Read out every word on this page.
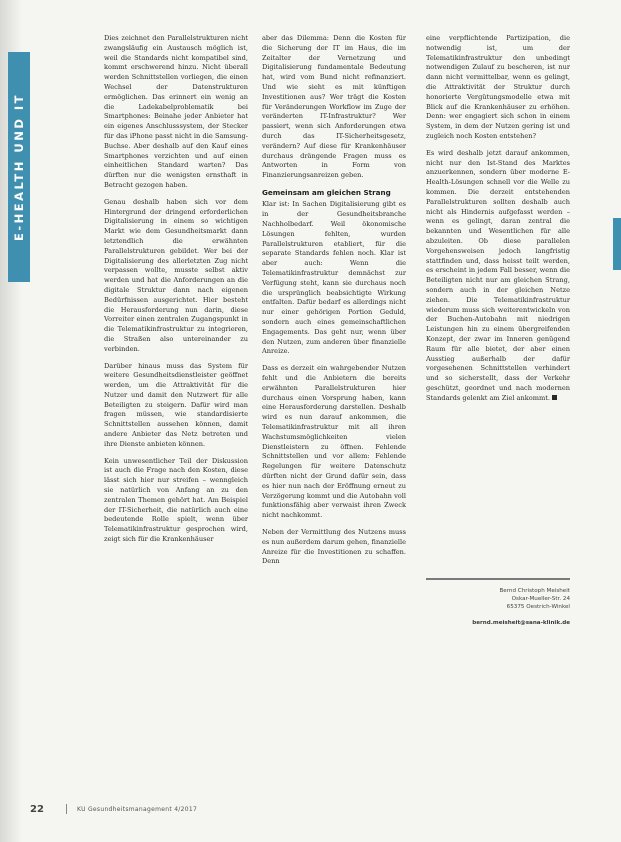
E-HEALTH UND IT

Dies zeichnet den Parallelstrukturen nicht zwangsläufig ein Austausch möglich ist, weil die Standards nicht kompatibel sind, kommt erschwerend hinzu. Nicht überall werden Schnittstellen vorliegen, die einen Wechsel der Datenstrukturen ermöglichen. Das erinnert ein wenig an die Ladekabelproblematik bei Smartphones: Beinahe jeder Anbieter hat ein eigenes Anschlusssystem, der Stecker für das iPhone passt nicht in die Samsung-Buchse. Aber deshalb auf den Kauf eines Smartphones verzichten und auf einen einheitlichen Standard warten? Das dürften nur die wenigsten ernsthaft in Betracht gezogen haben.

Genau deshalb haben sich vor dem Hintergrund der dringend erforderlichen Digitalisierung in einem so wichtigen Markt wie dem Gesundheitsmarkt dann letztendlich die erwähnten Parallelstrukturen gebildet. Wer bei der Digitalisierung des allerletzten Zug nicht verpassen wollte, musste selbst aktiv werden und hat die Anforderungen an die digitale Struktur dann nach eigenen Bedürfnissen ausgerichtet. Hier besteht die Herausforderung nun darin, diese Vorreiter einen zentralen Zugangspunkt in die Telematikinfrastruktur zu integrieren, die Straßen also untereinander zu verbinden.

Darüber hinaus muss das System für weitere Gesundheitsdienstleister geöffnet werden, um die Attraktivität für die Nutzer und damit den Nutzwert für alle Beteiligten zu steigern. Dafür wird man fragen müssen, wie standardisierte Schnittstellen aussehen können, damit andere Anbieter das Netz betreten und ihre Dienste anbieten können.

Kein unwesentlicher Teil der Diskussion ist auch die Frage nach den Kosten, diese lässt sich hier nur streifen – wenngleich sie natürlich von Anfang an zu den zentralen Themen gehört hat. Am Beispiel der IT-Sicherheit, die natürlich auch eine bedeutende Rolle spielt, wenn über Telematikinfrastruktur gesprochen wird, zeigt sich für die Krankenhäuser

aber das Dilemma: Denn die Kosten für die Sicherung der IT im Haus, die im Zeitalter der Vernetzung und Digitalisierung fundamentale Bedeutung hat, wird vom Bund nicht refinanziert. Und wie sieht es mit künftigen Investitionen aus? Wer trägt die Kosten für Veränderungen Workflow im Zuge der veränderten IT-Infrastruktur? Wer passiert, wenn sich Anforderungen etwa durch das IT-Sicherheitsgesetz, verändern? Auf diese für Krankenhäuser durchaus drängende Fragen muss es Antworten in Form von Finanzierungsanreizen geben.

Gemeinsam am gleichen Strang

Klar ist: In Sachen Digitalisierung gibt es in der Gesundheitsbranche Nachholbedarf. Weil ökonomische Lösungen fehlten, wurden Parallelstrukturen etabliert, für die separate Standards fehlen noch. Klar ist aber auch: Wenn die Telematikinfrastruktur demnächst zur Verfügung steht, kann sie durchaus noch die ursprünglich beabsichtigte Wirkung entfalten. Dafür bedarf es allerdings nicht nur einer gehörigen Portion Geduld, sondern auch eines gemeinschaftlichen Engagements. Das geht nur, wenn über den Nutzen, zum anderen über finanzielle Anreize.

Dass es derzeit ein wahrgebender Nutzen fehlt und die Anbietern die bereits erwähnten Parallelstrukturen hier durchaus einen Vorsprung haben, kann eine Herausforderung darstellen. Deshalb wird es nun darauf ankommen, die Telematikinfrastruktur mit all ihren Wachstumsmöglichkeiten vielen Dienstleistern zu öffnen. Fehlende Schnittstellen und vor allem: Fehlende Regelungen für weitere Datenschutz dürften nicht der Grund dafür sein, dass es hier nun nach der Eröffnung erneut zu Verzögerung kommt und die Autobahn voll funktionsfähig aber verwaist ihren Zweck nicht nachkommt.

Neben der Vermittlung des Nutzens muss es nun außerdem darum gehen, finanzielle Anreize für die Investitionen zu schaffen. Denn

eine verpflichtende Partizipation, die notwendig ist, um der Telematikinfrastruktur den unbedingt notwendigen Zulauf zu bescheren, ist nur dann nicht vermittelbar, wenn es gelingt, die Attraktivität der Struktur durch honorierte Vergütungsmodelle etwa mit Blick auf die Krankenhäuser zu erhöhen. Denn: wer engagiert sich schon in einem System, in dem der Nutzen gering ist und zugleich noch Kosten entstehen?

Es wird deshalb jetzt darauf ankommen, nicht nur den Ist-Stand des Marktes anzuerkennen, sondern über moderne E-Health-Lösungen schnell vor die Welle zu kommen. Die derzeit entstehenden Parallelstrukturen sollten deshalb auch nicht als Hindernis aufgefasst werden – wenn es gelingt, daran zentral die bekannten und Wesentlichen für alle abzuleiten. Ob diese parallelen Vorgehensweisen jedoch langfristig stattfinden und, dass heisst teilt werden, es erscheint in jedem Fall besser, wenn die Beteiligten nicht nur am gleichen Strang, sondern auch in der gleichen Netze ziehen. Die Telematikinfrastruktur wiederum muss sich weiterentwickeln von der Buchen-Autobahn mit niedrigen Leistungen hin zu einem übergreifenden Konzept, der zwar im Inneren genügend Raum für alle bietet, der aber einen Ausstieg außerhalb der dafür vorgesehenen Schnittstellen verhindert und so sicherstellt, dass der Verkehr geschützt, geordnet und nach modernen Standards gelenkt am Ziel ankommt.

Bernd Christoph Meisheit
Oskar-Mueller-Str. 24
65375 Oestrich-Winkel
bernd.meisheit@sana-klinik.de
22	KU Gesundheitsmanagement 4/2017
